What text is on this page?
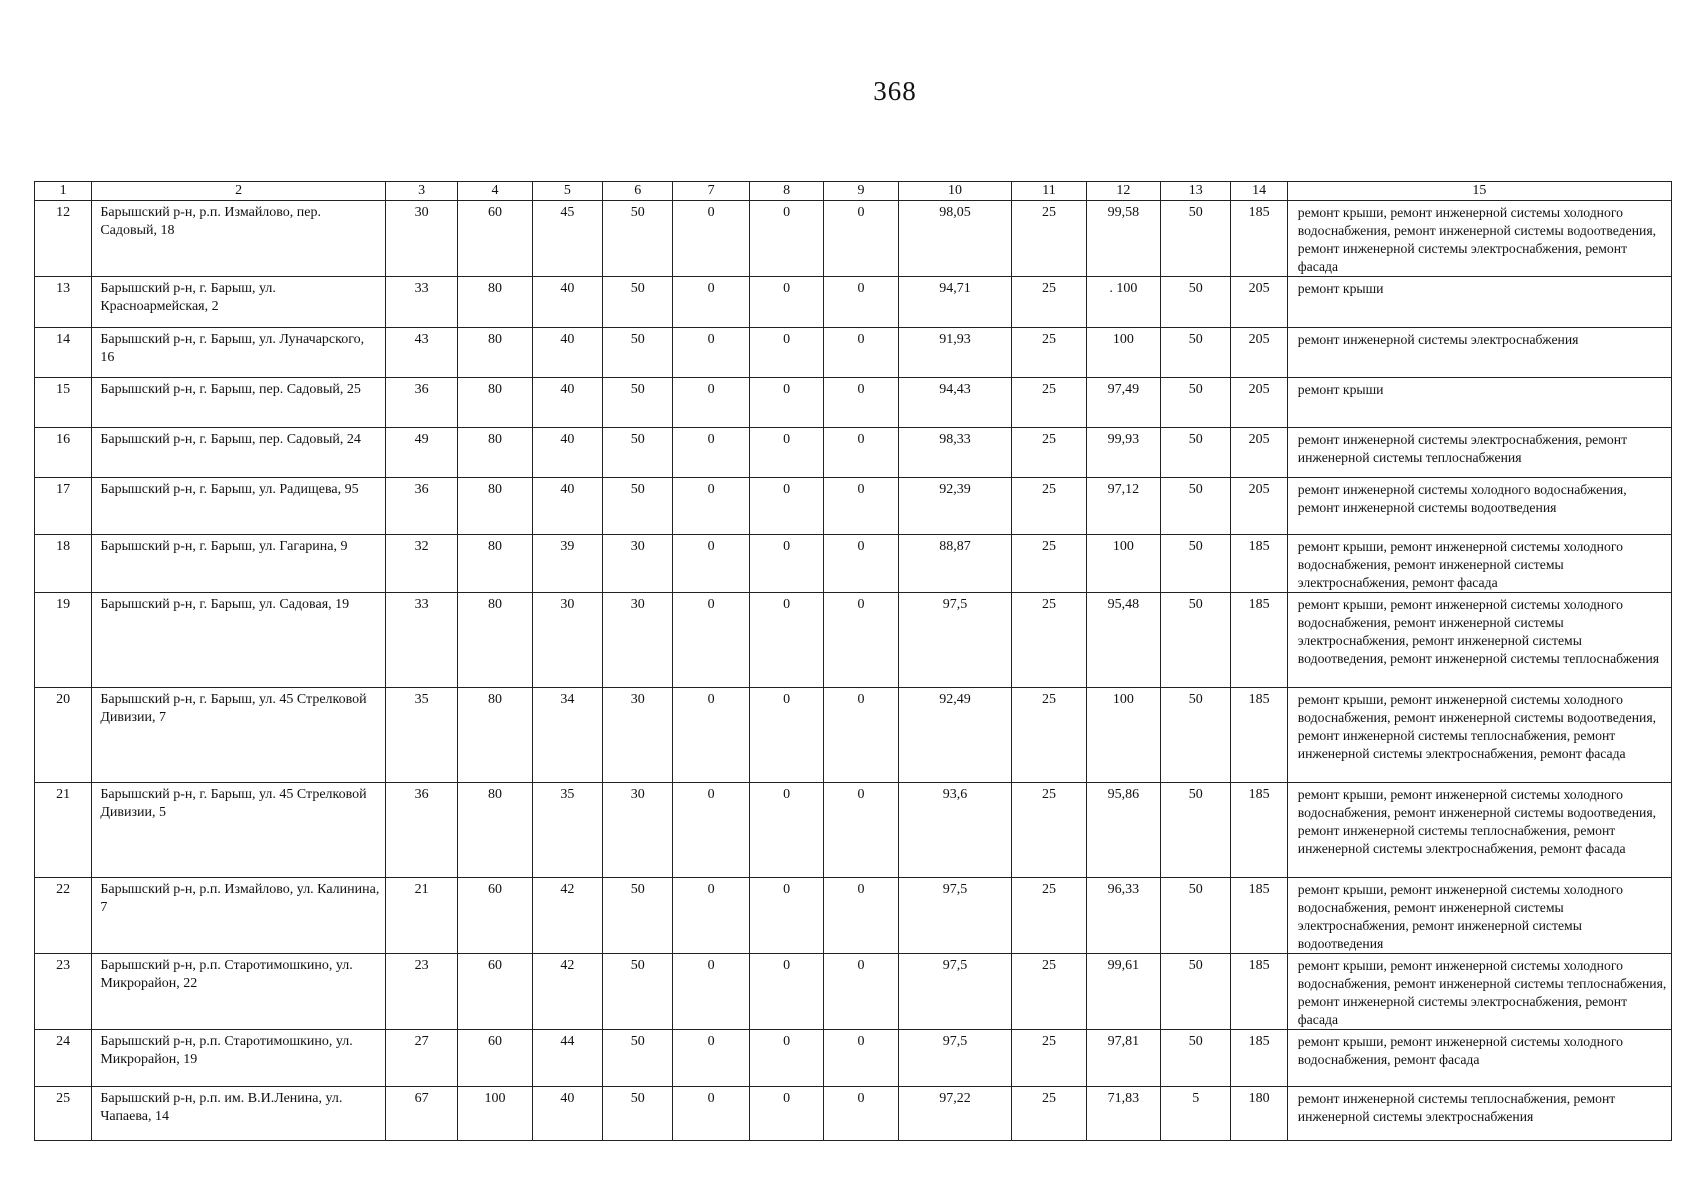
368
1	2	3	4	5	6	7	8	9	10	11	12	13	14	15
12	Барышский р-н, р.п. Измайлово, пер. Садовый, 18	30	60	45	50	0	0	0	98,05	25	99,58	50	185	ремонт крыши, ремонт инженерной системы холодного водоснабжения, ремонт инженерной системы водоотведения, ремонт инженерной системы электроснабжения, ремонт фасада
13	Барышский р-н, г. Барыш, ул. Красноармейская, 2	33	80	40	50	0	0	0	94,71	25	. 100	50	205	ремонт крыши
14	Барышский р-н, г. Барыш, ул. Луначарского, 16	43	80	40	50	0	0	0	91,93	25	100	50	205	ремонт инженерной системы электроснабжения
15	Барышский р-н, г. Барыш, пер. Садовый, 25	36	80	40	50	0	0	0	94,43	25	97,49	50	205	ремонт крыши
16	Барышский р-н, г. Барыш, пер. Садовый, 24	49	80	40	50	0	0	0	98,33	25	99,93	50	205	ремонт инженерной системы электроснабжения, ремонт инженерной системы теплоснабжения
17	Барышский р-н, г. Барыш, ул. Радищева, 95	36	80	40	50	0	0	0	92,39	25	97,12	50	205	ремонт инженерной системы холодного водоснабжения, ремонт инженерной системы водоотведения
18	Барышский р-н, г. Барыш, ул. Гагарина, 9	32	80	39	30	0	0	0	88,87	25	100	50	185	ремонт крыши, ремонт инженерной системы холодного водоснабжения, ремонт инженерной системы электроснабжения, ремонт фасада
19	Барышский р-н, г. Барыш, ул. Садовая, 19	33	80	30	30	0	0	0	97,5	25	95,48	50	185	ремонт крыши, ремонт инженерной системы холодного водоснабжения, ремонт инженерной системы электроснабжения, ремонт инженерной системы водоотведения, ремонт инженерной системы теплоснабжения
20	Барышский р-н, г. Барыш, ул. 45 Стрелковой Дивизии, 7	35	80	34	30	0	0	0	92,49	25	100	50	185	ремонт крыши, ремонт инженерной системы холодного водоснабжения, ремонт инженерной системы водоотведения, ремонт инженерной системы теплоснабжения, ремонт инженерной системы электроснабжения, ремонт фасада
21	Барышский р-н, г. Барыш, ул. 45 Стрелковой Дивизии, 5	36	80	35	30	0	0	0	93,6	25	95,86	50	185	ремонт крыши, ремонт инженерной системы холодного водоснабжения, ремонт инженерной системы водоотведения, ремонт инженерной системы теплоснабжения, ремонт инженерной системы электроснабжения, ремонт фасада
22	Барышский р-н, р.п. Измайлово, ул. Калинина, 7	21	60	42	50	0	0	0	97,5	25	96,33	50	185	ремонт крыши, ремонт инженерной системы холодного водоснабжения, ремонт инженерной системы электроснабжения, ремонт инженерной системы водоотведения
23	Барышский р-н, р.п. Старотимошкино, ул. Микрорайон, 22	23	60	42	50	0	0	0	97,5	25	99,61	50	185	ремонт крыши, ремонт инженерной системы холодного водоснабжения, ремонт инженерной системы теплоснабжения, ремонт инженерной системы электроснабжения, ремонт фасада
24	Барышский р-н, р.п. Старотимошкино, ул. Микрорайон, 19	27	60	44	50	0	0	0	97,5	25	97,81	50	185	ремонт крыши, ремонт инженерной системы холодного водоснабжения, ремонт фасада
25	Барышский р-н, р.п. им. В.И.Ленина, ул. Чапаева, 14	67	100	40	50	0	0	0	97,22	25	71,83	5	180	ремонт инженерной системы теплоснабжения, ремонт инженерной системы электроснабжения
